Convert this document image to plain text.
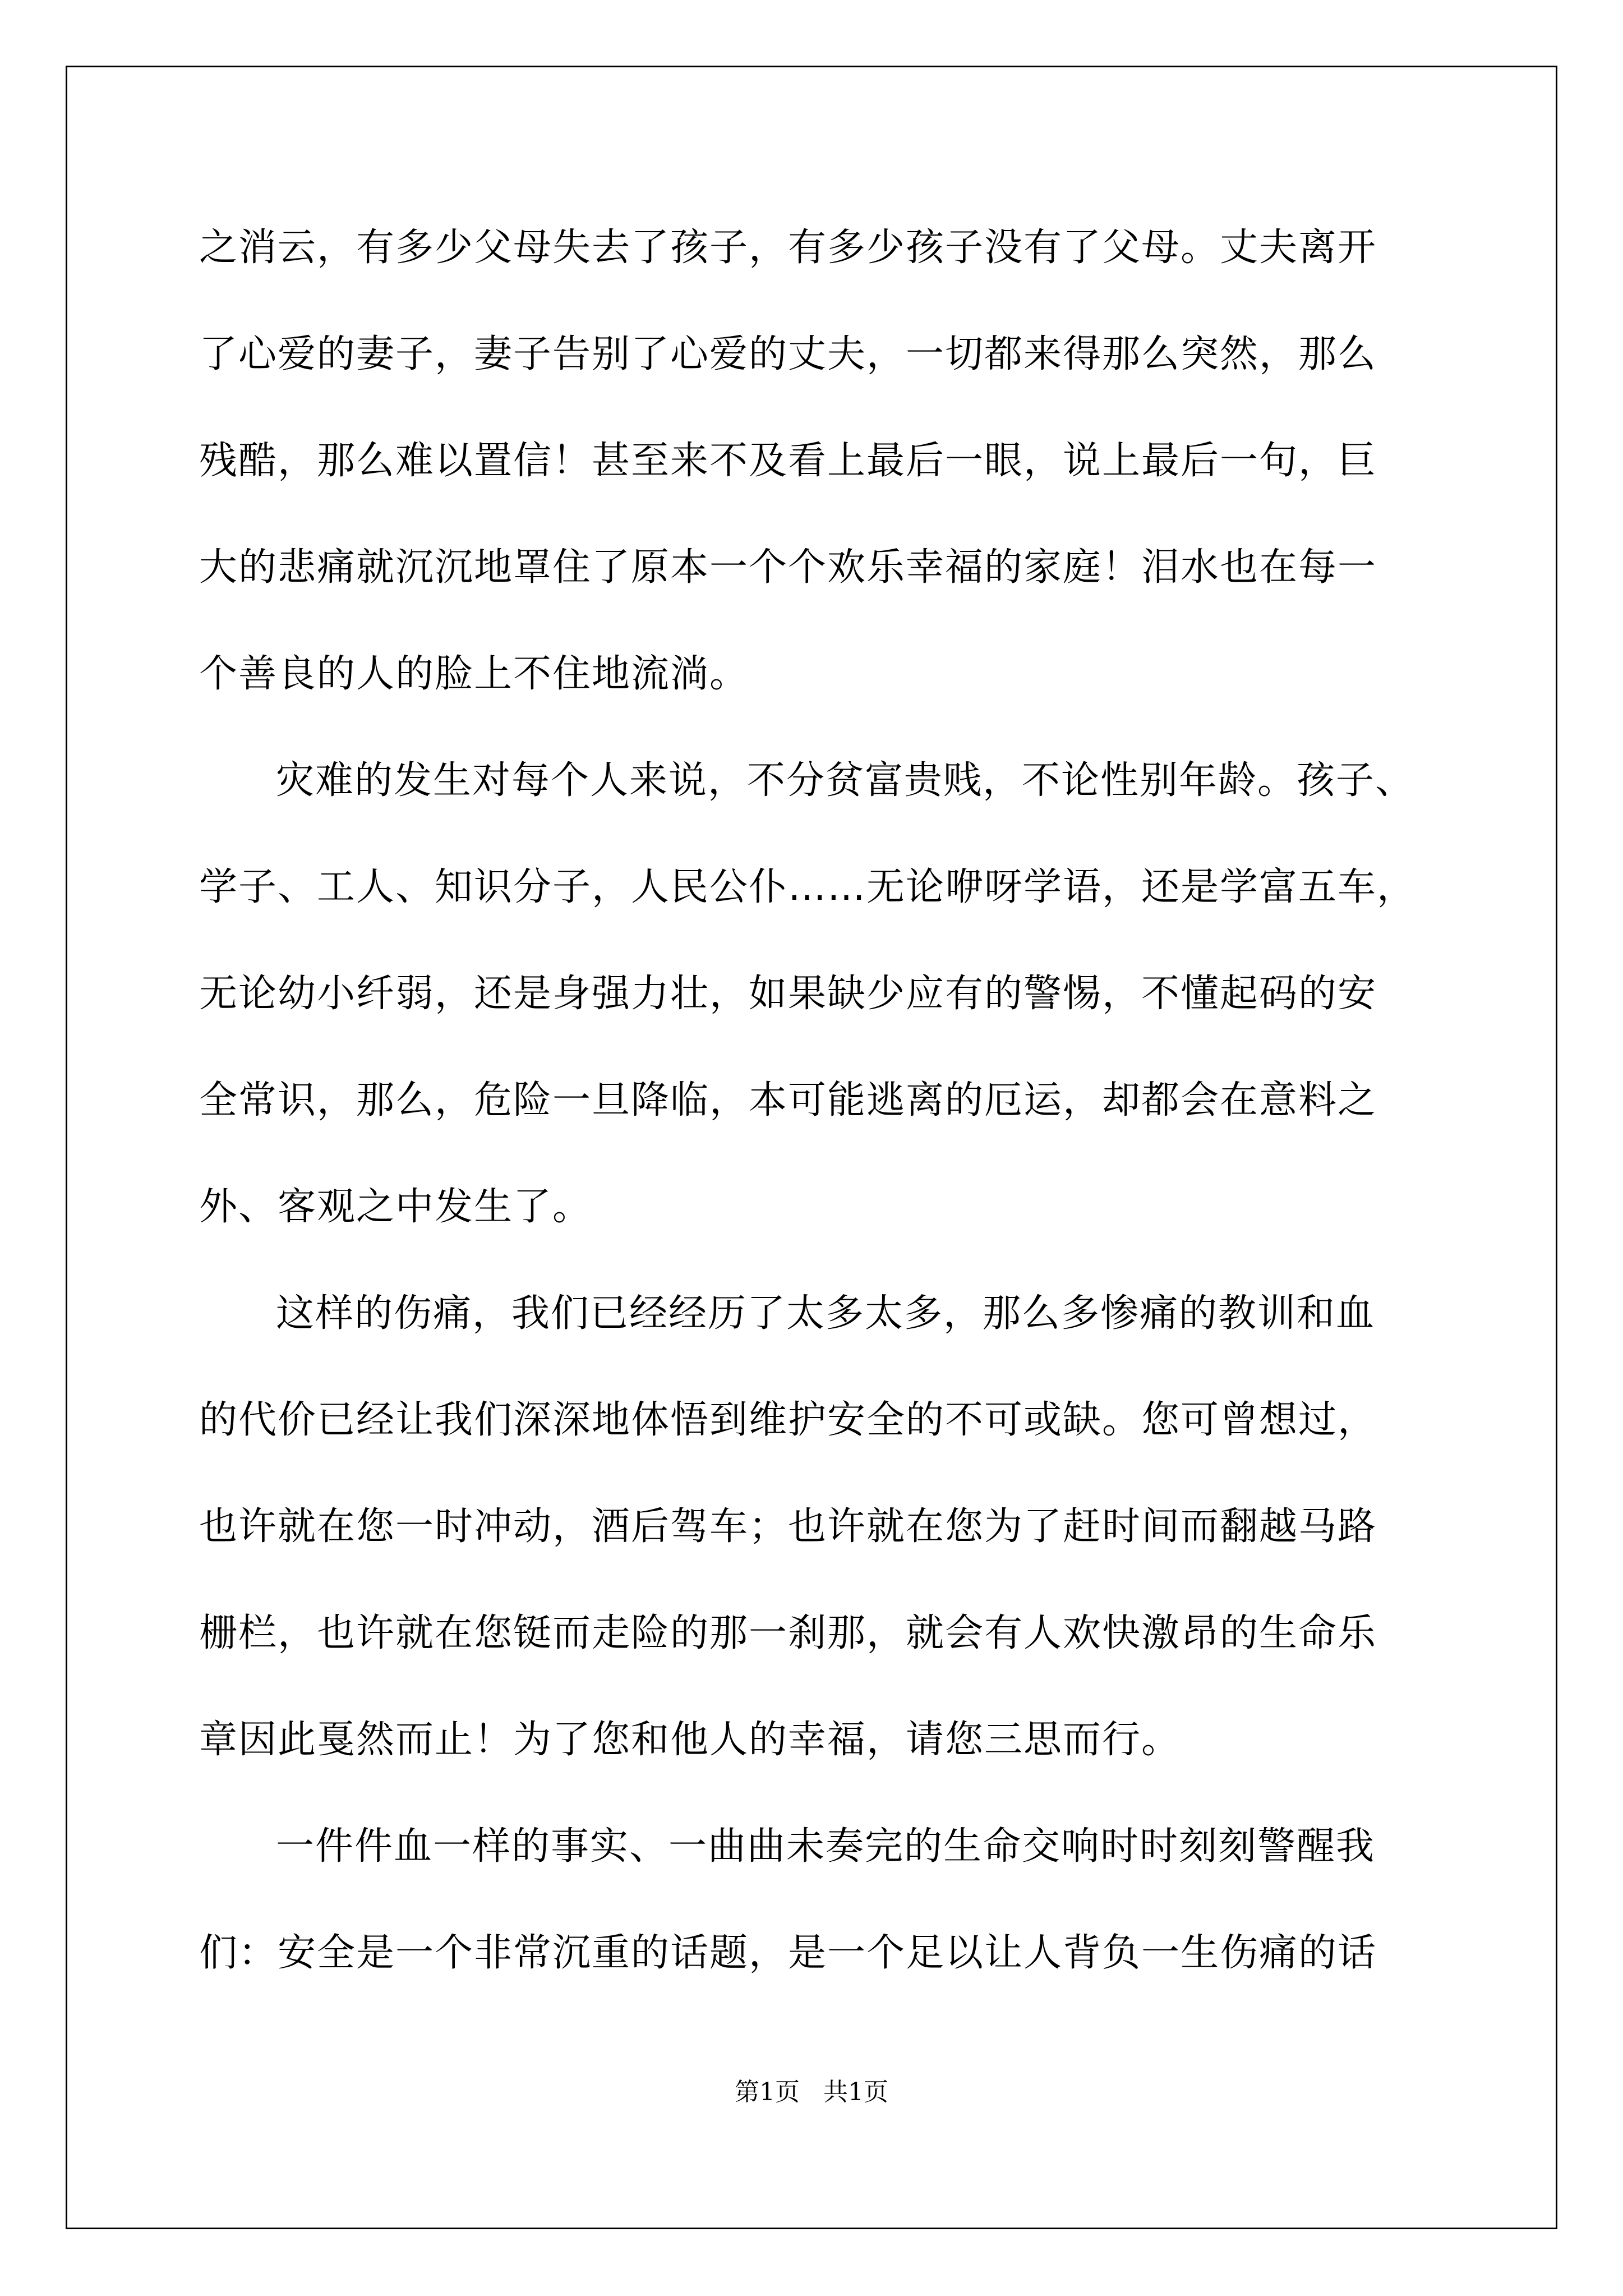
之消云，有多少父母失去了孩子，有多少孩子没有了父母。丈夫离开
了心爱的妻子，妻子告别了心爱的丈夫，一切都来得那么突然，那么
残酷，那么难以置信！甚至来不及看上最后一眼，说上最后一句，巨
大的悲痛就沉沉地罩住了原本一个个欢乐幸福的家庭！泪水也在每一
个善良的人的脸上不住地流淌。
灾难的发生对每个人来说，不分贫富贵贱，不论性别年龄。孩子、
学子、工人、知识分子，人民公仆……无论咿呀学语，还是学富五车，
无论幼小纤弱，还是身强力壮，如果缺少应有的警惕，不懂起码的安
全常识，那么，危险一旦降临，本可能逃离的厄运，却都会在意料之
外、客观之中发生了。
这样的伤痛，我们已经经历了太多太多，那么多惨痛的教训和血
的代价已经让我们深深地体悟到维护安全的不可或缺。您可曾想过，
也许就在您一时冲动，酒后驾车；也许就在您为了赶时间而翻越马路
栅栏，也许就在您铤而走险的那一刹那，就会有人欢快激昂的生命乐
章因此戛然而止！为了您和他人的幸福，请您三思而行。
一件件血一样的事实、一曲曲未奏完的生命交响时时刻刻警醒我
们：安全是一个非常沉重的话题，是一个足以让人背负一生伤痛的话
第1页   共1页
